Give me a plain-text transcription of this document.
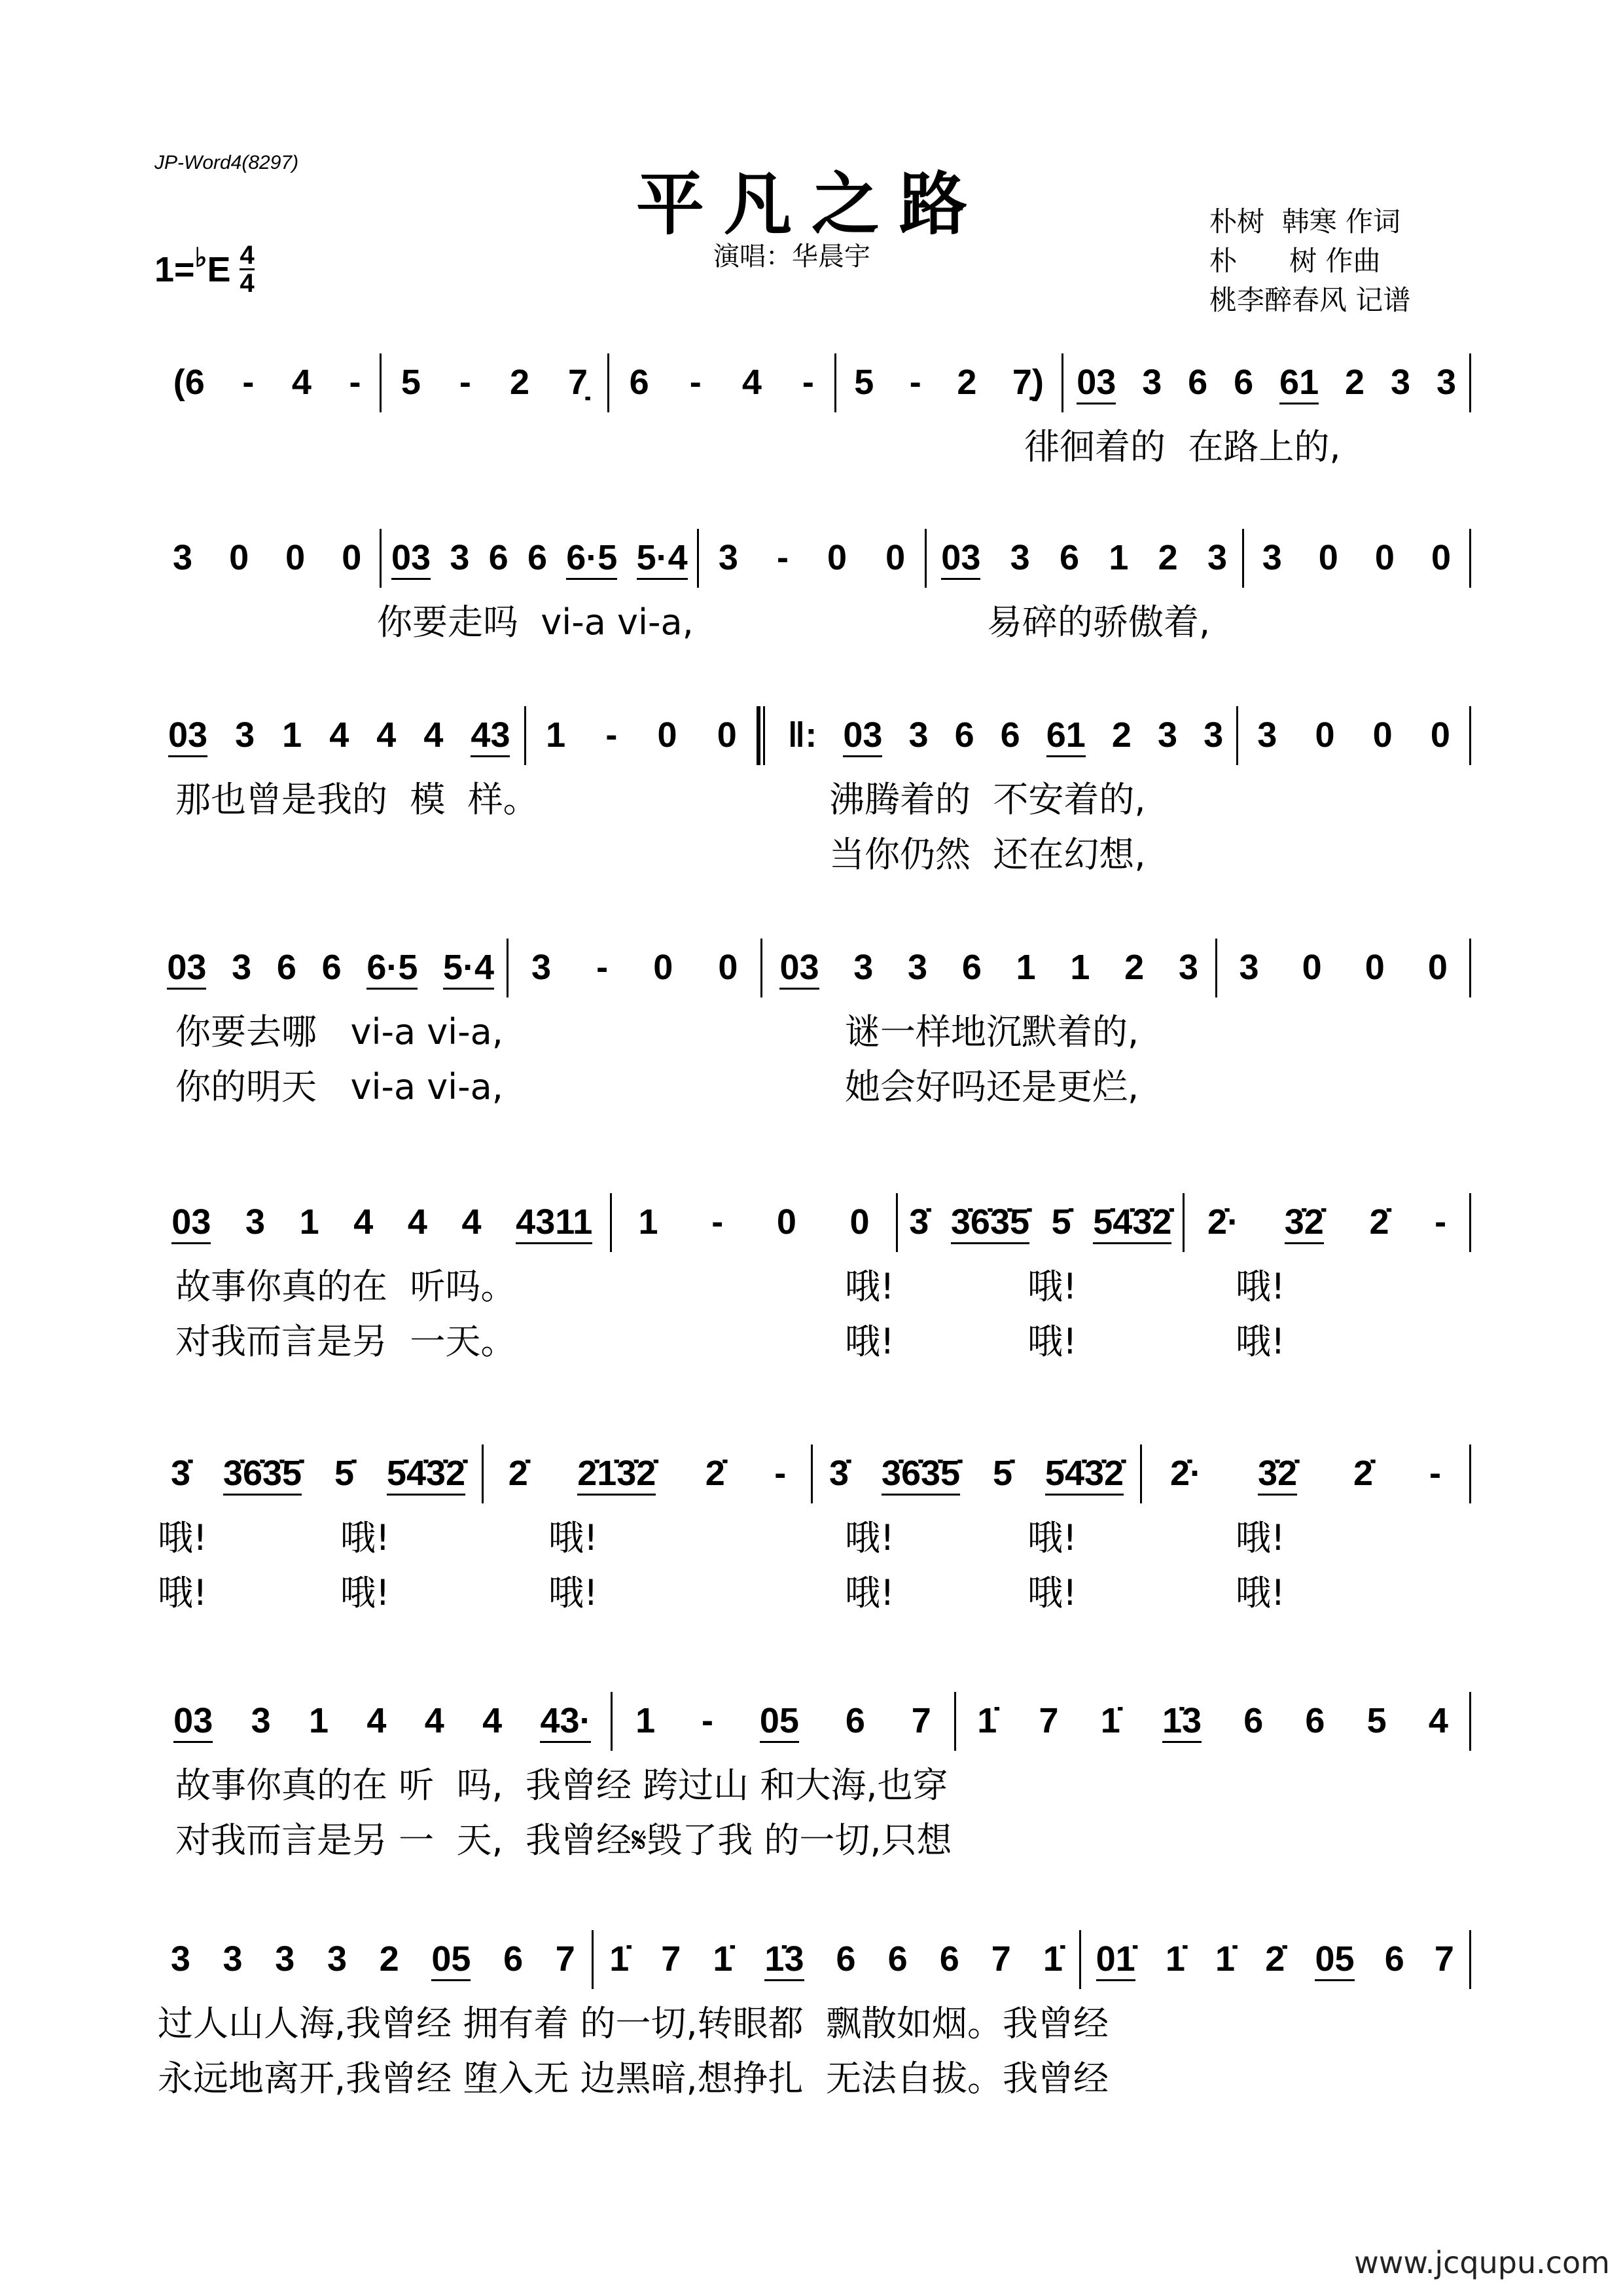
JP-Word4(8297)
平凡之路
演唱：华晨宇
1= ♭ E $\frac{4}{4}$
朴树  韩寒 作词
朴      树 作曲
桃李醉春风 记谱
(6 - 4 - 5 - 2 7̣ 6 - 4 - 5 - 2 7̣) 03 3 6 6 61 2 3 3
徘徊着的  在路上的,
3 0 0 0 03 3 6 6 6·5 5·4 3 - 0 0 03 3 6 1 2 3 3 0 0 0
你要走吗  vi-a vi-a,	易碎的骄傲着,
03 3 1 4 4 4 43 1 - 0 0 ‖: 03 3 6 6 61 2 3 3 3 0 0 0
那也曾是我的  模  样。	沸腾着的  不安着的,
当你仍然  还在幻想,
03 3 6 6 6·5 5·4 3 - 0 0 03 3 3 6 1 1 2 3 3 0 0 0
你要去哪   vi-a vi-a,	谜一样地沉默着的,
你的明天   vi-a vi-a,	她会好吗还是更烂,
03 3 1 4 4 4 4311 1 - 0 0 3̇ 3̇6̇3̇5̇ 5̇ 5̇4̇3̇2̇ 2̇· 3̇2̇ 2̇ -
故事你真的在  听吗。	哦!	哦!	哦!
对我而言是另  一天。	哦!	哦!	哦!
3̇ 3̇6̇3̇5̇ 5̇ 5̇4̇3̇2̇ 2̇ 2̇1̇3̇2̇ 2̇ - 3̇ 3̇6̇3̇5̇ 5̇ 5̇4̇3̇2̇ 2̇· 3̇2̇ 2̇ -
哦!	哦!	哦!	哦!	哦!	哦!
哦!	哦!	哦!	哦!	哦!	哦!
03 3 1 4 4 4 43· 1 - 05 6 7 1̇ 7 1̇ 1̇3 6 6 5 4
故事你真的在 听  吗,  我曾经 跨过山 和大海,也穿
对我而言是另 一  天,  我曾经𝄋毁了我 的一切,只想
3 3 3 3 2 05 6 7 1̇ 7 1̇ 1̇3 6 6 6 7 1̇ 01̇ 1̇ 1̇ 2̇ 05 6 7
过人山人海,我曾经 拥有着 的一切,转眼都  飘散如烟。我曾经
永远地离开,我曾经 堕入无 边黑暗,想挣扎  无法自拔。我曾经
www.jcqupu.com
